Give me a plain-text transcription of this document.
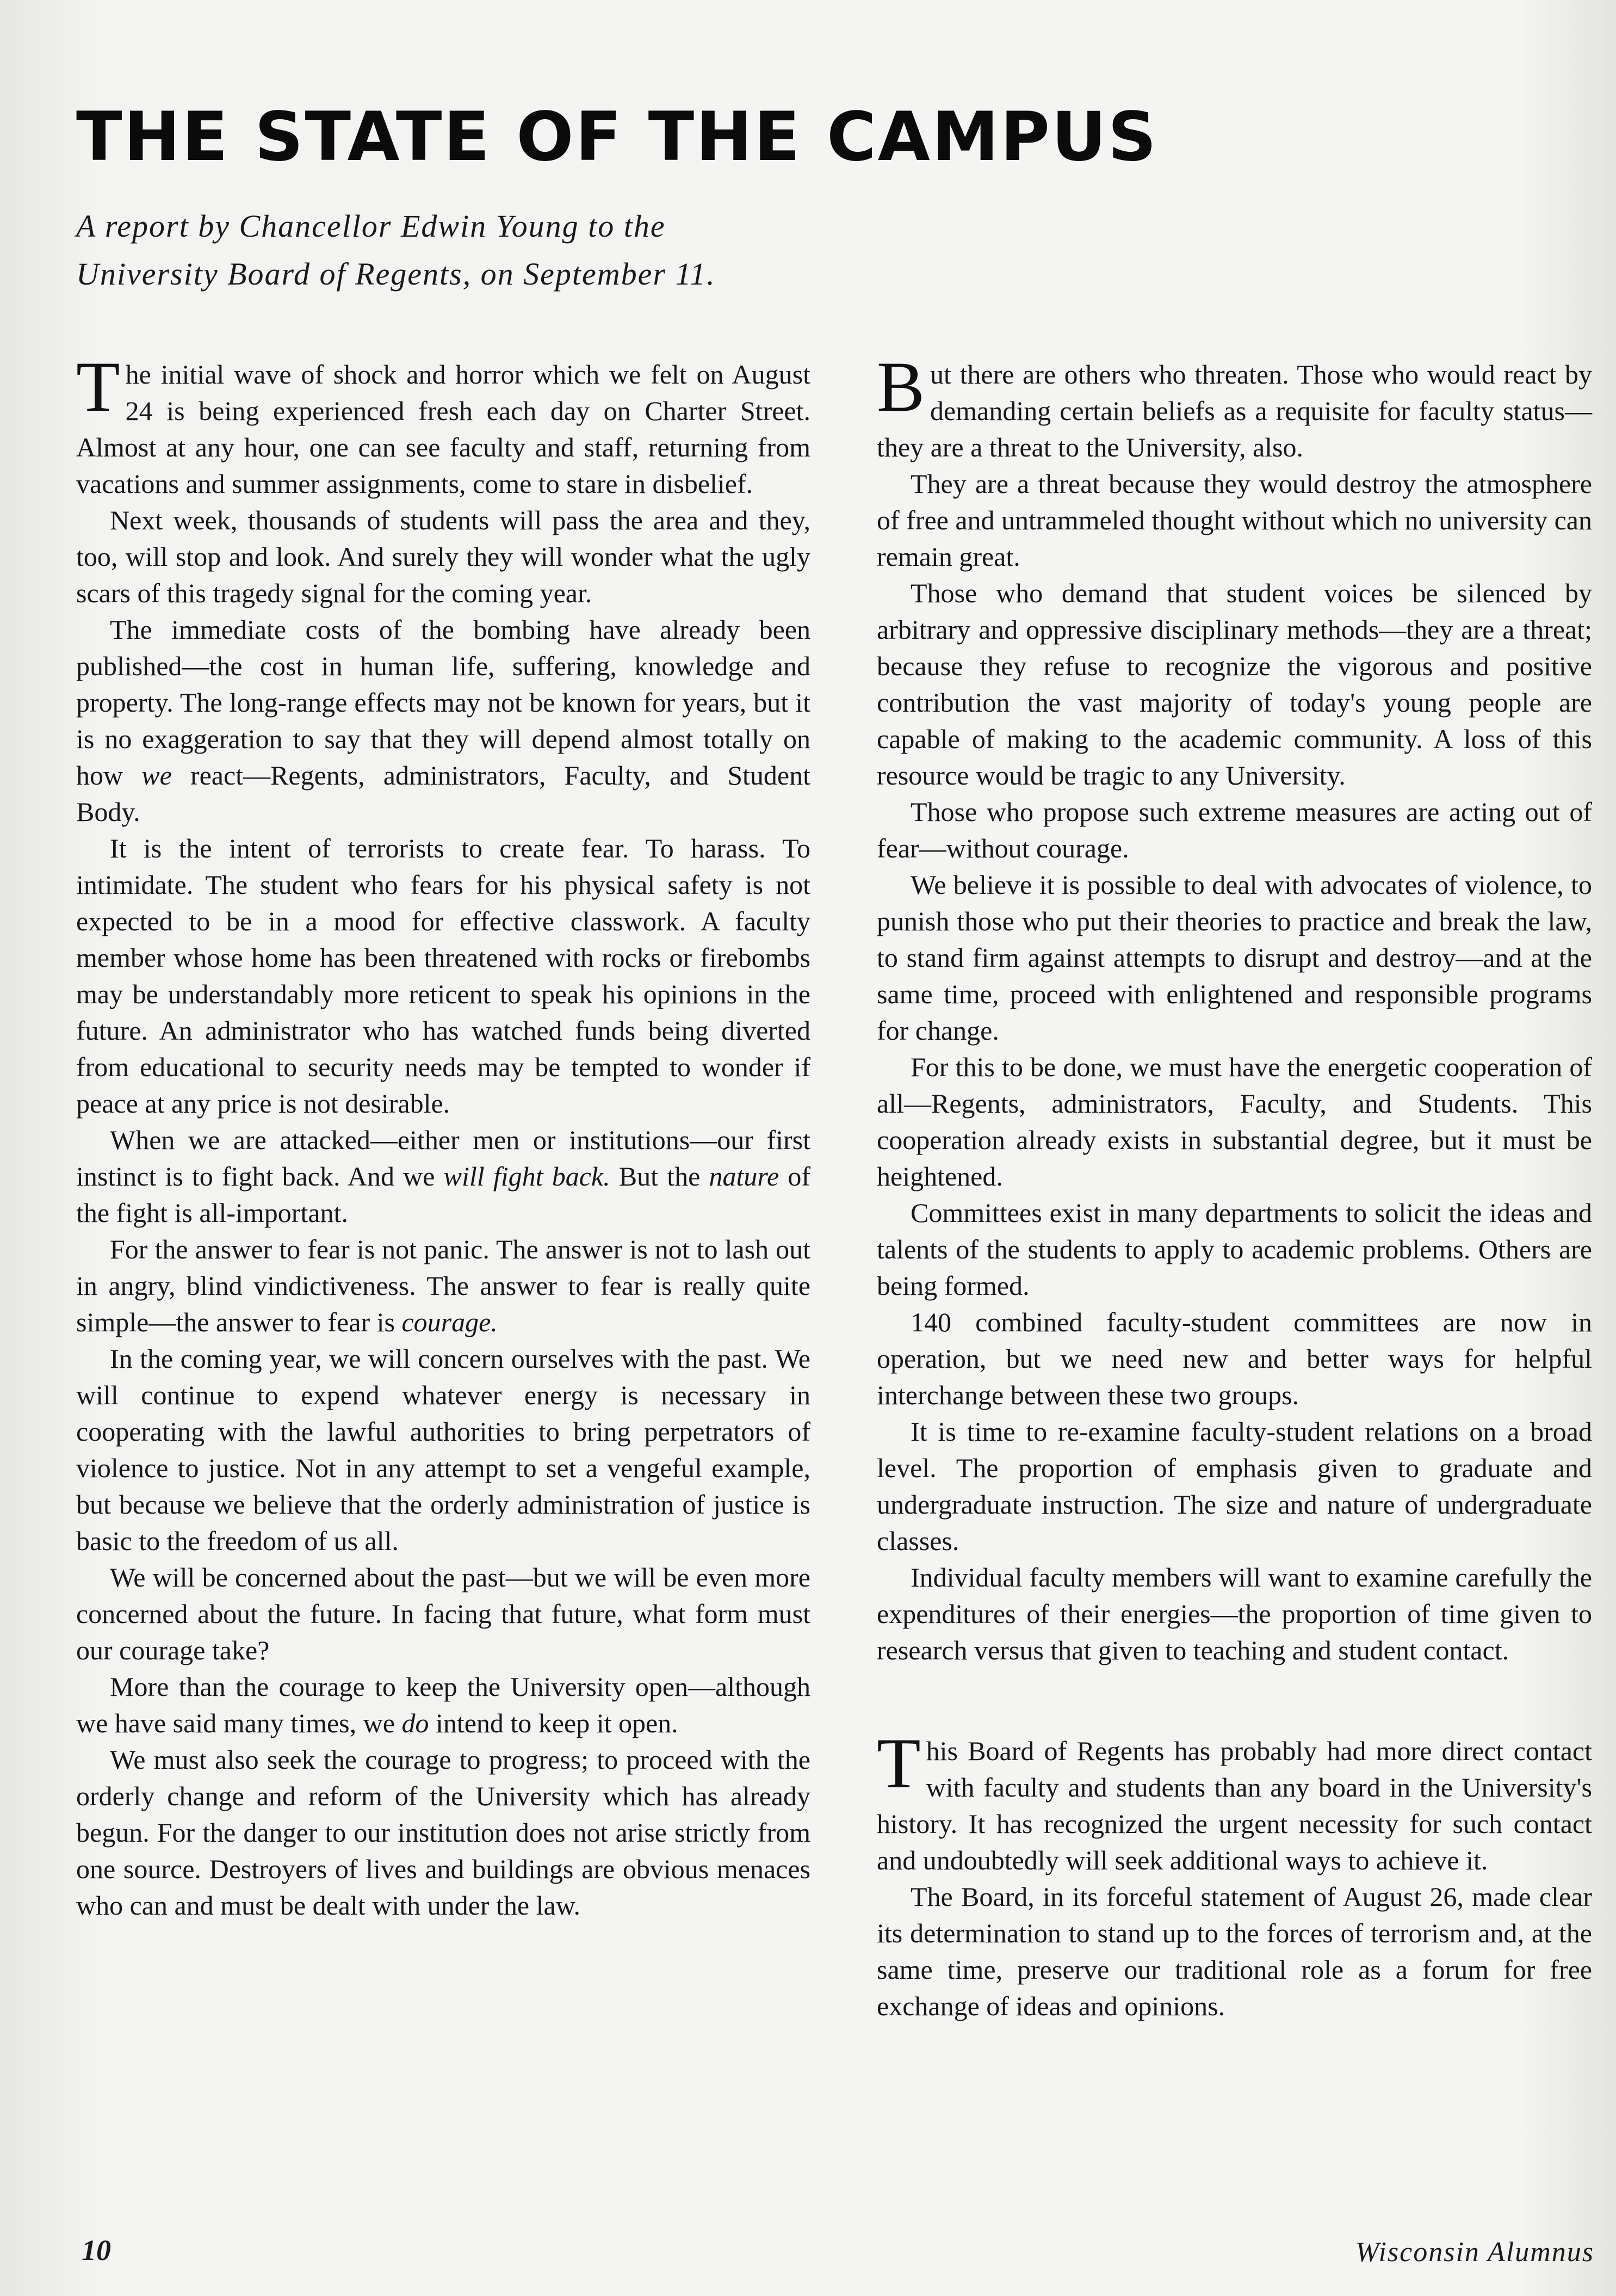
THE STATE OF THE CAMPUS

A report by Chancellor Edwin Young to the University Board of Regents, on September 11.

The initial wave of shock and horror which we felt on August 24 is being experienced fresh each day on Charter Street. Almost at any hour, one can see faculty and staff, returning from vacations and summer assignments, come to stare in disbelief.

Next week, thousands of students will pass the area and they, too, will stop and look. And surely they will wonder what the ugly scars of this tragedy signal for the coming year.

The immediate costs of the bombing have already been published—the cost in human life, suffering, knowledge and property. The long-range effects may not be known for years, but it is no exaggeration to say that they will depend almost totally on how we react—Regents, administrators, Faculty, and Student Body.

It is the intent of terrorists to create fear. To harass. To intimidate. The student who fears for his physical safety is not expected to be in a mood for effective classwork. A faculty member whose home has been threatened with rocks or firebombs may be understandably more reticent to speak his opinions in the future. An administrator who has watched funds being diverted from educational to security needs may be tempted to wonder if peace at any price is not desirable.

When we are attacked—either men or institutions—our first instinct is to fight back. And we will fight back. But the nature of the fight is all-important.

For the answer to fear is not panic. The answer is not to lash out in angry, blind vindictiveness. The answer to fear is really quite simple—the answer to fear is courage.

In the coming year, we will concern ourselves with the past. We will continue to expend whatever energy is necessary in cooperating with the lawful authorities to bring perpetrators of violence to justice. Not in any attempt to set a vengeful example, but because we believe that the orderly administration of justice is basic to the freedom of us all.

We will be concerned about the past—but we will be even more concerned about the future. In facing that future, what form must our courage take?

More than the courage to keep the University open—although we have said many times, we do intend to keep it open.

We must also seek the courage to progress; to proceed with the orderly change and reform of the University which has already begun. For the danger to our institution does not arise strictly from one source. Destroyers of lives and buildings are obvious menaces who can and must be dealt with under the law.

But there are others who threaten. Those who would react by demanding certain beliefs as a requisite for faculty status—they are a threat to the University, also.

They are a threat because they would destroy the atmosphere of free and untrammeled thought without which no university can remain great.

Those who demand that student voices be silenced by arbitrary and oppressive disciplinary methods—they are a threat; because they refuse to recognize the vigorous and positive contribution the vast majority of today's young people are capable of making to the academic community. A loss of this resource would be tragic to any University.

Those who propose such extreme measures are acting out of fear—without courage.

We believe it is possible to deal with advocates of violence, to punish those who put their theories to practice and break the law, to stand firm against attempts to disrupt and destroy—and at the same time, proceed with enlightened and responsible programs for change.

For this to be done, we must have the energetic cooperation of all—Regents, administrators, Faculty, and Students. This cooperation already exists in substantial degree, but it must be heightened.

Committees exist in many departments to solicit the ideas and talents of the students to apply to academic problems. Others are being formed.

140 combined faculty-student committees are now in operation, but we need new and better ways for helpful interchange between these two groups.

It is time to re-examine faculty-student relations on a broad level. The proportion of emphasis given to graduate and undergraduate instruction. The size and nature of undergraduate classes.

Individual faculty members will want to examine carefully the expenditures of their energies—the proportion of time given to research versus that given to teaching and student contact.

This Board of Regents has probably had more direct contact with faculty and students than any board in the University's history. It has recognized the urgent necessity for such contact and undoubtedly will seek additional ways to achieve it.

The Board, in its forceful statement of August 26, made clear its determination to stand up to the forces of terrorism and, at the same time, preserve our traditional role as a forum for free exchange of ideas and opinions.

10	Wisconsin Alumnus
